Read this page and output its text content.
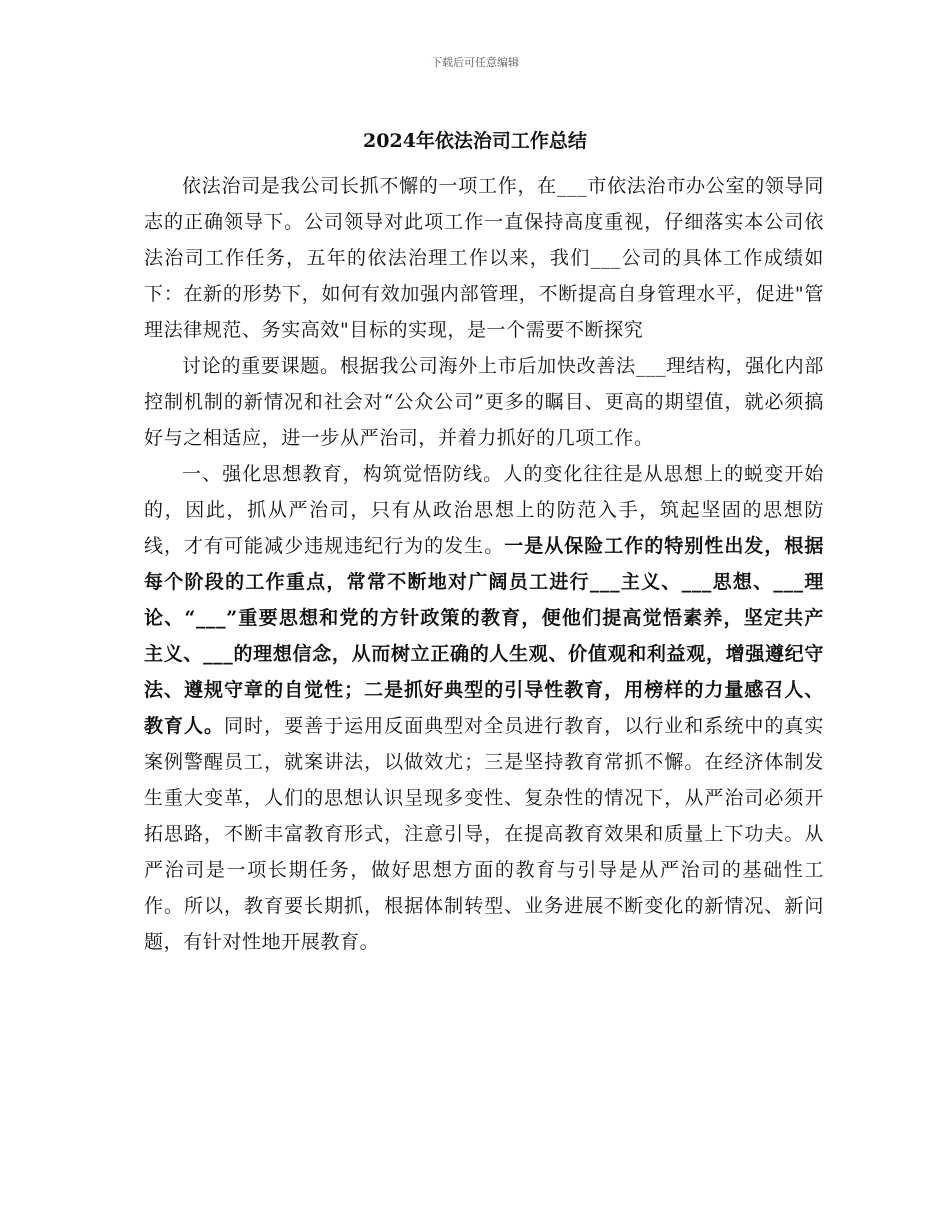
下载后可任意编辑
2024年依法治司工作总结

依法治司是我公司长抓不懈的一项工作，在___市依法治市办公室的领导同志的正确领导下。公司领导对此项工作一直保持高度重视，仔细落实本公司依法治司工作任务，五年的依法治理工作以来，我们___公司的具体工作成绩如下：在新的形势下，如何有效加强内部管理，不断提高自身管理水平，促进"管理法律规范、务实高效"目标的实现，是一个需要不断探究

讨论的重要课题。根据我公司海外上市后加快改善法___理结构，强化内部控制机制的新情况和社会对“公众公司”更多的瞩目、更高的期望值，就必须搞好与之相适应，进一步从严治司，并着力抓好的几项工作。

一、强化思想教育，构筑觉悟防线。人的变化往往是从思想上的蜕变开始的，因此，抓从严治司，只有从政治思想上的防范入手，筑起坚固的思想防线，才有可能减少违规违纪行为的发生。一是从保险工作的特别性出发，根据每个阶段的工作重点，常常不断地对广阔员工进行___主义、___思想、___理论、“___”重要思想和党的方针政策的教育，便他们提高觉悟素养，坚定共产主义、___的理想信念，从而树立正确的人生观、价值观和利益观，增强遵纪守法、遵规守章的自觉性；二是抓好典型的引导性教育，用榜样的力量感召人、教育人。同时，要善于运用反面典型对全员进行教育，以行业和系统中的真实案例警醒员工，就案讲法，以做效尤；三是坚持教育常抓不懈。在经济体制发生重大变革，人们的思想认识呈现多变性、复杂性的情况下，从严治司必须开拓思路，不断丰富教育形式，注意引导，在提高教育效果和质量上下功夫。从严治司是一项长期任务，做好思想方面的教育与引导是从严治司的基础性工作。所以，教育要长期抓，根据体制转型、业务进展不断变化的新情况、新问题，有针对性地开展教育。
